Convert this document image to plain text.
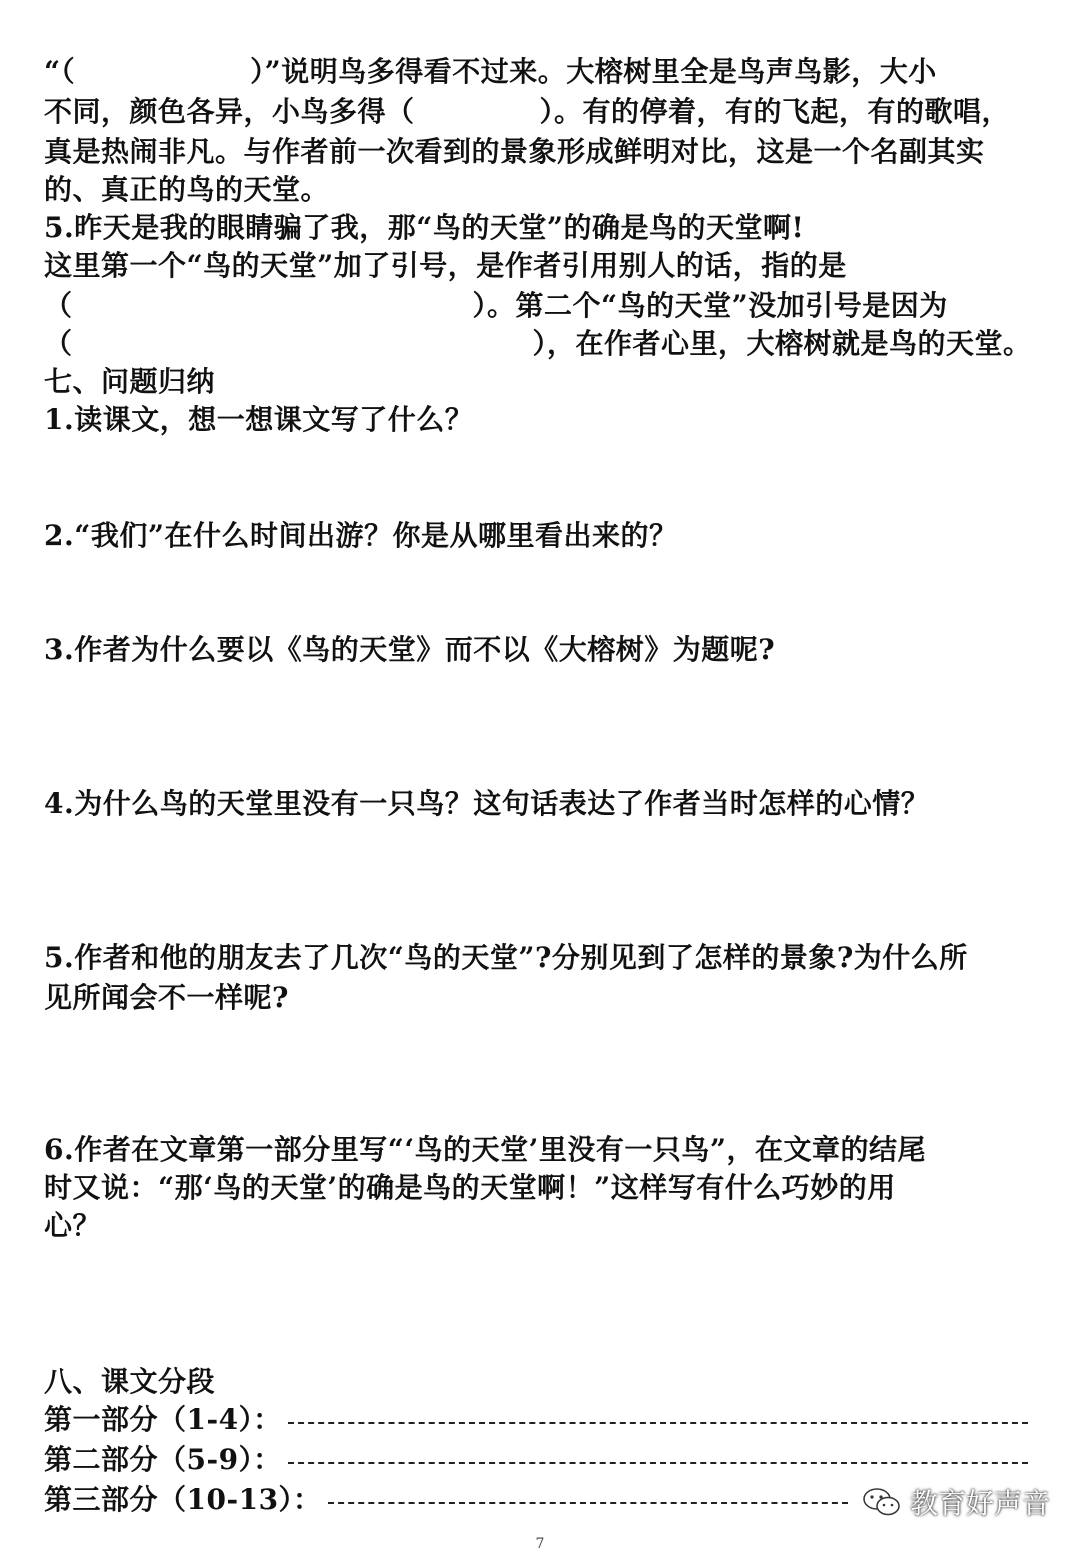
“（	）”说明鸟多得看不过来。大榕树里全是鸟声鸟影，大小
不同，颜色各异，小鸟多得（	）。有的停着，有的飞起，有的歌唱，
真是热闹非凡。与作者前一次看到的景象形成鲜明对比，这是一个名副其实
的、真正的鸟的天堂。
5.昨天是我的眼睛骗了我，那“鸟的天堂”的确是鸟的天堂啊!
这里第一个“鸟的天堂”加了引号，是作者引用别人的话，指的是
（	）。第二个“鸟的天堂”没加引号是因为
（	），在作者心里，大榕树就是鸟的天堂。
七、问题归纳
1.读课文，想一想课文写了什么？
2.“我们”在什么时间出游？你是从哪里看出来的？
3.作者为什么要以《鸟的天堂》而不以《大榕树》为题呢?
4.为什么鸟的天堂里没有一只鸟？这句话表达了作者当时怎样的心情？
5.作者和他的朋友去了几次“鸟的天堂”?分别见到了怎样的景象?为什么所
见所闻会不一样呢?
6.作者在文章第一部分里写“‘鸟的天堂’里没有一只鸟”，在文章的结尾
时又说：“那‘鸟的天堂’的确是鸟的天堂啊！”这样写有什么巧妙的用
心？
八、课文分段
第一部分（1-4）：
第二部分（5-9）：
第三部分（10-13）：	教育好声音
7
